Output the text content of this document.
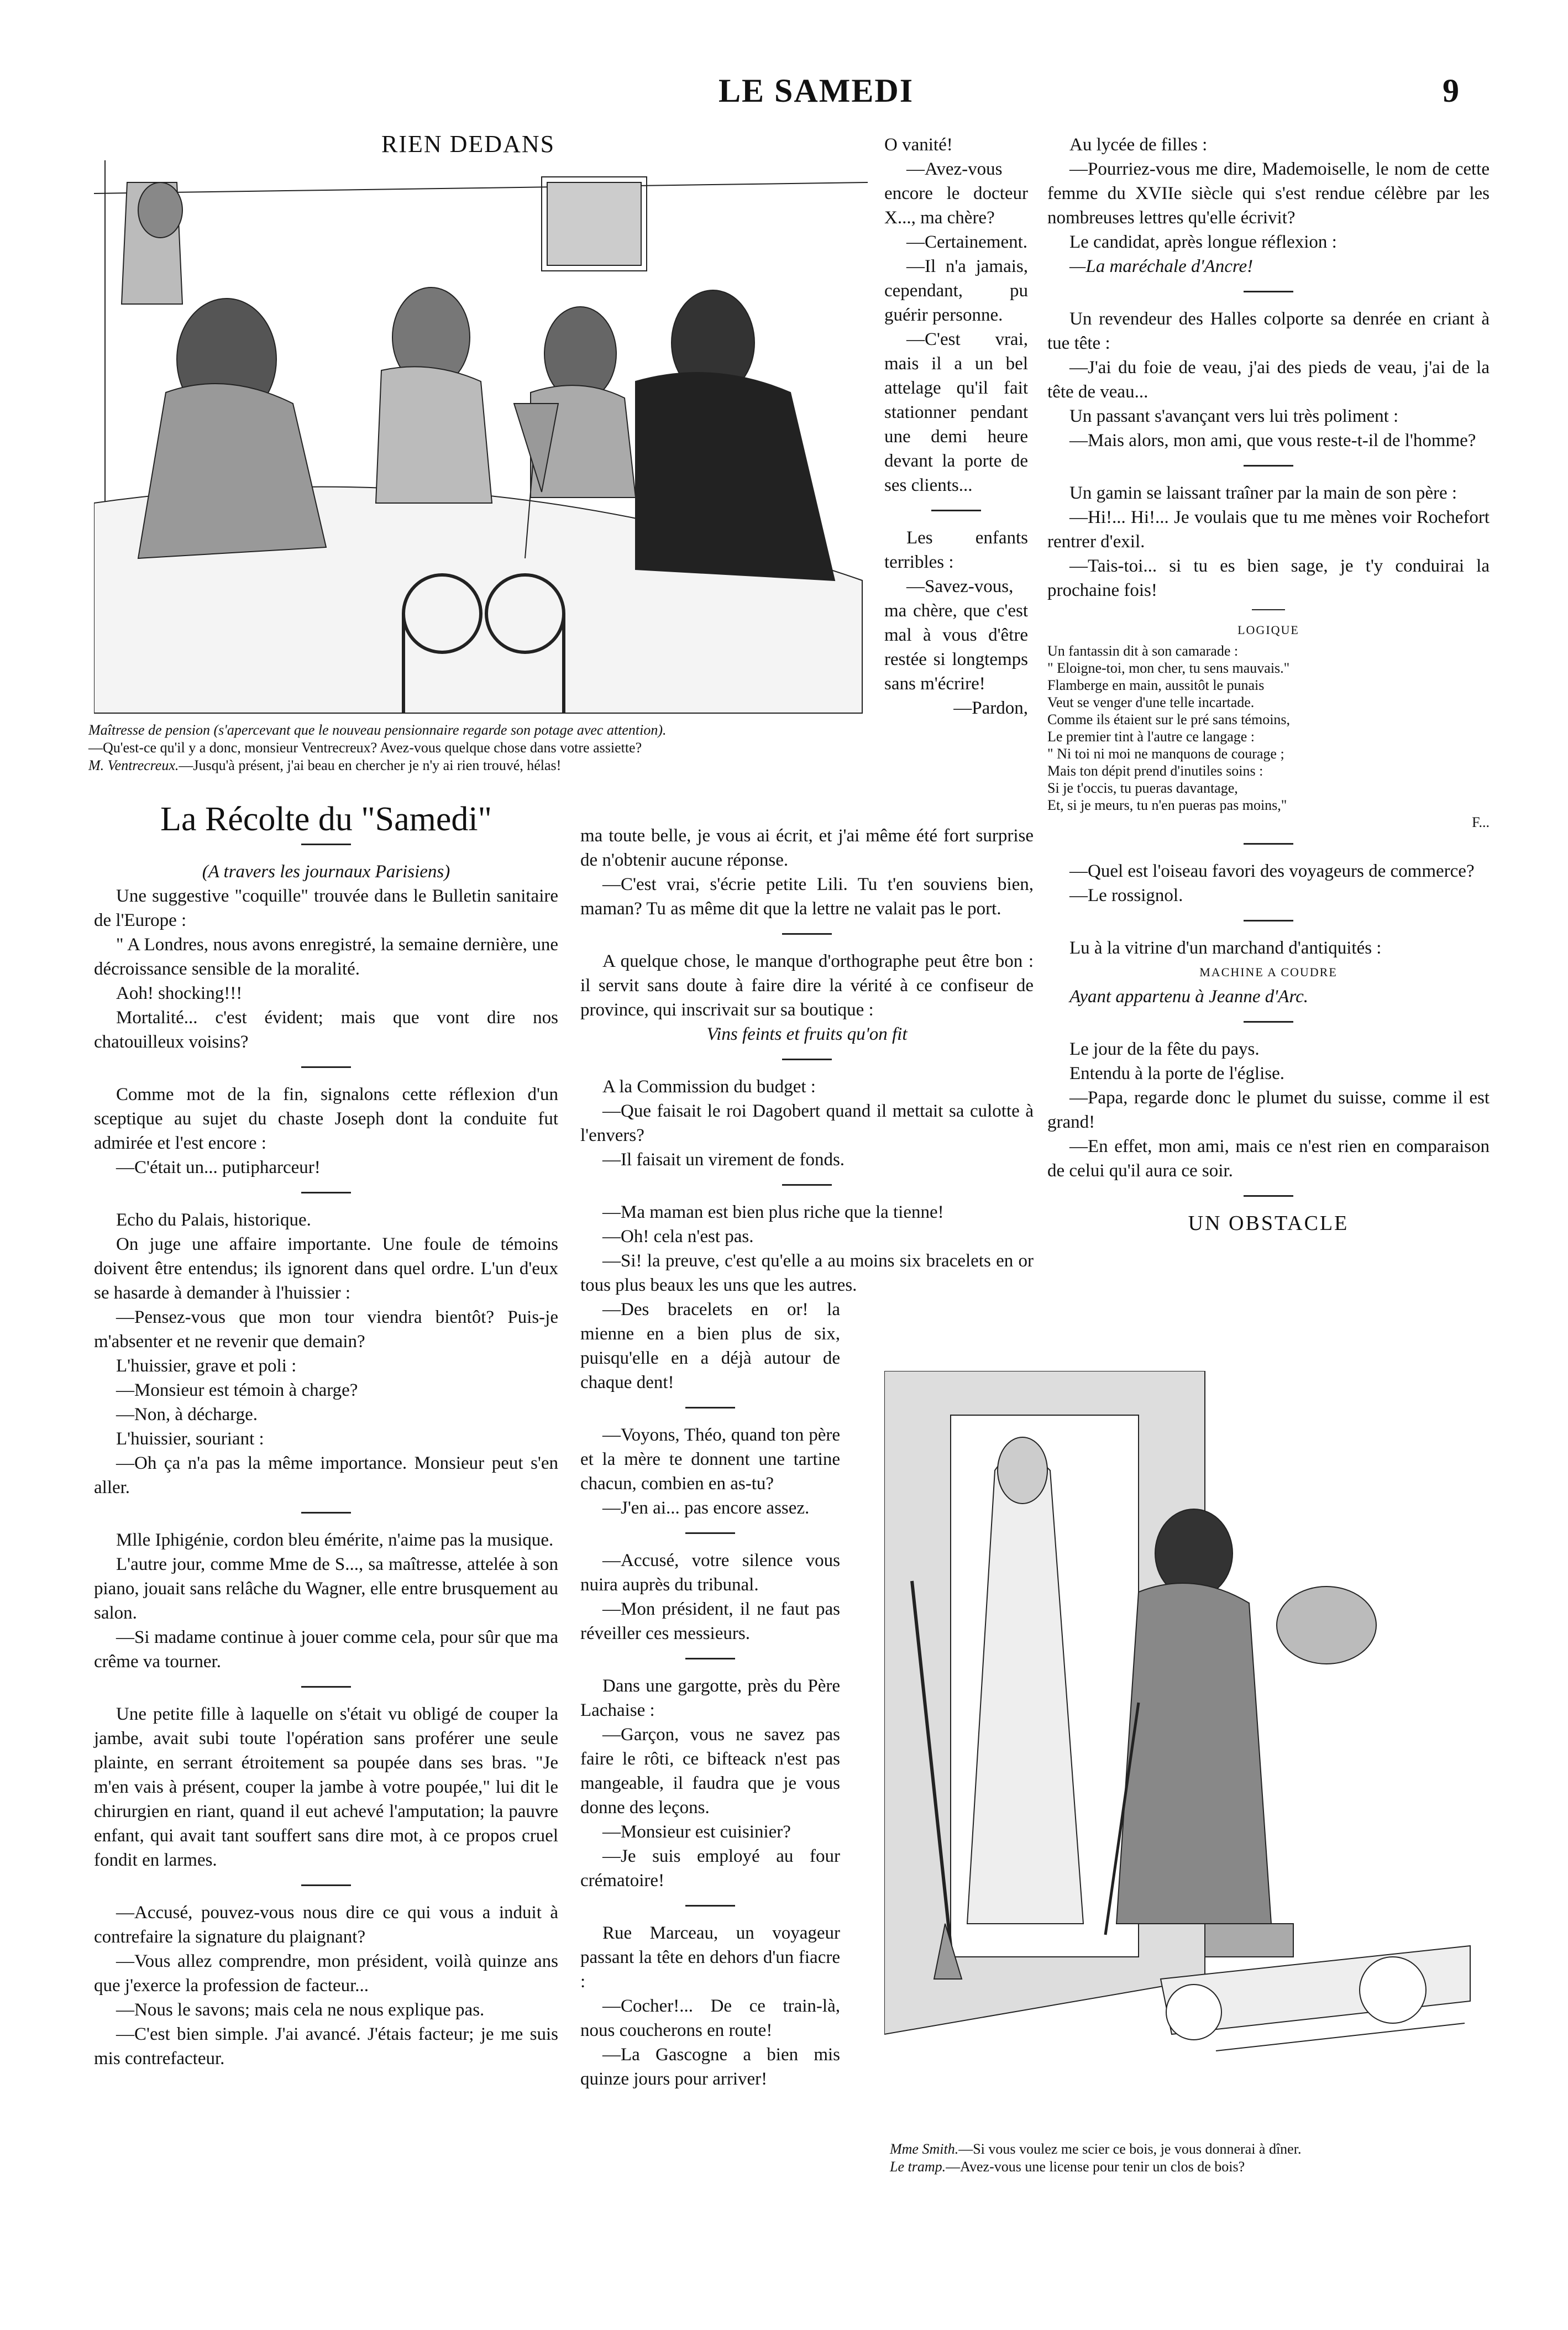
LE SAMEDI	9
RIEN DEDANS
Maîtresse de pension (s'apercevant que le nouveau pensionnaire regarde son potage avec attention).
—Qu'est-ce qu'il y a donc, monsieur Ventrecreux? Avez-vous quelque chose dans votre assiette?
M. Ventrecreux.—Jusqu'à présent, j'ai beau en chercher je n'y ai rien trouvé, hélas!

O vanité!

—Avez-vous encore le docteur X..., ma chère?

—Certainement.

—Il n'a jamais, cependant, pu guérir personne.

—C'est vrai, mais il a un bel attelage qu'il fait stationner pendant une demi heure devant la porte de ses clients...

Les enfants terribles :

—Savez-vous, ma chère, que c'est mal à vous d'être restée si longtemps sans m'écrire!

—Pardon,

La Récolte du "Samedi"

(A travers les journaux Parisiens)

Une suggestive "coquille" trouvée dans le Bulletin sanitaire de l'Europe :

" A Londres, nous avons enregistré, la semaine dernière, une décroissance sensible de la moralité.

Aoh! shocking!!!

Mortalité... c'est évident; mais que vont dire nos chatouilleux voisins?

Comme mot de la fin, signalons cette réflexion d'un sceptique au sujet du chaste Joseph dont la conduite fut admirée et l'est encore :

—C'était un... putipharceur!

Echo du Palais, historique.

On juge une affaire importante. Une foule de témoins doivent être entendus; ils ignorent dans quel ordre. L'un d'eux se hasarde à demander à l'huissier :

—Pensez-vous que mon tour viendra bientôt? Puis-je m'absenter et ne revenir que demain?

L'huissier, grave et poli :

—Monsieur est témoin à charge?

—Non, à décharge.

L'huissier, souriant :

—Oh ça n'a pas la même importance. Monsieur peut s'en aller.

Mlle Iphigénie, cordon bleu émérite, n'aime pas la musique.

L'autre jour, comme Mme de S..., sa maîtresse, attelée à son piano, jouait sans relâche du Wagner, elle entre brusquement au salon.

—Si madame continue à jouer comme cela, pour sûr que ma crême va tourner.

Une petite fille à laquelle on s'était vu obligé de couper la jambe, avait subi toute l'opération sans proférer une seule plainte, en serrant étroitement sa poupée dans ses bras. "Je m'en vais à présent, couper la jambe à votre poupée," lui dit le chirurgien en riant, quand il eut achevé l'amputation; la pauvre enfant, qui avait tant souffert sans dire mot, à ce propos cruel fondit en larmes.

—Accusé, pouvez-vous nous dire ce qui vous a induit à contrefaire la signature du plaignant?

—Vous allez comprendre, mon président, voilà quinze ans que j'exerce la profession de facteur...

—Nous le savons; mais cela ne nous explique pas.

—C'est bien simple. J'ai avancé. J'étais facteur; je me suis mis contrefacteur.

ma toute belle, je vous ai écrit, et j'ai même été fort surprise de n'obtenir aucune réponse.

—C'est vrai, s'écrie petite Lili. Tu t'en souviens bien, maman? Tu as même dit que la lettre ne valait pas le port.

A quelque chose, le manque d'orthographe peut être bon : il servit sans doute à faire dire la vérité à ce confiseur de province, qui inscrivait sur sa boutique :

Vins feints et fruits qu'on fit

A la Commission du budget :

—Que faisait le roi Dagobert quand il mettait sa culotte à l'envers?

—Il faisait un virement de fonds.

—Ma maman est bien plus riche que la tienne!

—Oh! cela n'est pas.

—Si! la preuve, c'est qu'elle a au moins six bracelets en or tous plus beaux les uns que les autres.

—Des bracelets en or! la mienne en a bien plus de six, puisqu'elle en a déjà autour de chaque dent!

—Voyons, Théo, quand ton père et la mère te donnent une tartine chacun, combien en as-tu?

—J'en ai... pas encore assez.

—Accusé, votre silence vous nuira auprès du tribunal.

—Mon président, il ne faut pas réveiller ces messieurs.

Dans une gargotte, près du Père Lachaise :

—Garçon, vous ne savez pas faire le rôti, ce bifteack n'est pas mangeable, il faudra que je vous donne des leçons.

—Monsieur est cuisinier?

—Je suis employé au four crématoire!

Rue Marceau, un voyageur passant la tête en dehors d'un fiacre :

—Cocher!... De ce train-là, nous coucherons en route!

—La Gascogne a bien mis quinze jours pour arriver!

Au lycée de filles :

—Pourriez-vous me dire, Mademoiselle, le nom de cette femme du XVIIe siècle qui s'est rendue célèbre par les nombreuses lettres qu'elle écrivit?

Le candidat, après longue réflexion :

—La maréchale d'Ancre!

Un revendeur des Halles colporte sa denrée en criant à tue tête :

—J'ai du foie de veau, j'ai des pieds de veau, j'ai de la tête de veau...

Un passant s'avançant vers lui très poliment :

—Mais alors, mon ami, que vous reste-t-il de l'homme?

Un gamin se laissant traîner par la main de son père :

—Hi!... Hi!... Je voulais que tu me mènes voir Rochefort rentrer d'exil.

—Tais-toi... si tu es bien sage, je t'y conduirai la prochaine fois!

LOGIQUE

Un fantassin dit à son camarade :

" Eloigne-toi, mon cher, tu sens mauvais."

Flamberge en main, aussitôt le punais

Veut se venger d'une telle incartade.

Comme ils étaient sur le pré sans témoins,

Le premier tint à l'autre ce langage :

" Ni toi ni moi ne manquons de courage ;

Mais ton dépit prend d'inutiles soins :

Si je t'occis, tu pueras davantage,

Et, si je meurs, tu n'en pueras pas moins,"

F...

—Quel est l'oiseau favori des voyageurs de commerce?

—Le rossignol.

Lu à la vitrine d'un marchand d'antiquités :

MACHINE A COUDRE

Ayant appartenu à Jeanne d'Arc.

Le jour de la fête du pays.

Entendu à la porte de l'église.

—Papa, regarde donc le plumet du suisse, comme il est grand!

—En effet, mon ami, mais ce n'est rien en comparaison de celui qu'il aura ce soir.

UN OBSTACLE

Mme Smith.—Si vous voulez me scier ce bois, je vous donnerai à dîner.
Le tramp.—Avez-vous une license pour tenir un clos de bois?
